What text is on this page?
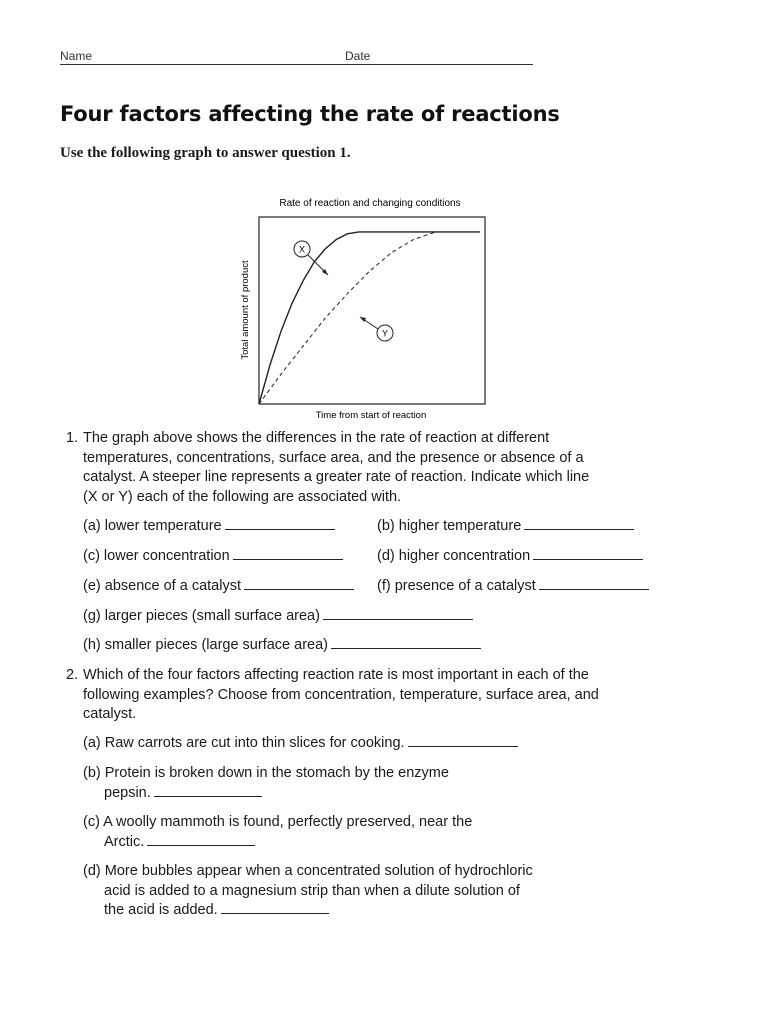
Name	Date
Four factors affecting the rate of reactions
Use the following graph to answer question 1.
Rate of reaction and changing conditions
Total amount of product
Time from start of reaction
X
Y
1. The graph above shows the differences in the rate of reaction at different
temperatures, concentrations, surface area, and the presence or absence of a
catalyst. A steeper line represents a greater rate of reaction. Indicate which line
(X or Y) each of the following are associated with.
(a) lower temperature	(b) higher temperature
(c) lower concentration	(d) higher concentration
(e) absence of a catalyst	(f) presence of a catalyst
(g) larger pieces (small surface area)
(h) smaller pieces (large surface area)
2. Which of the four factors affecting reaction rate is most important in each of the
following examples? Choose from concentration, temperature, surface area, and
catalyst.
(a) Raw carrots are cut into thin slices for cooking.
(b) Protein is broken down in the stomach by the enzyme
pepsin.
(c) A woolly mammoth is found, perfectly preserved, near the
Arctic.
(d) More bubbles appear when a concentrated solution of hydrochloric
acid is added to a magnesium strip than when a dilute solution of
the acid is added.
